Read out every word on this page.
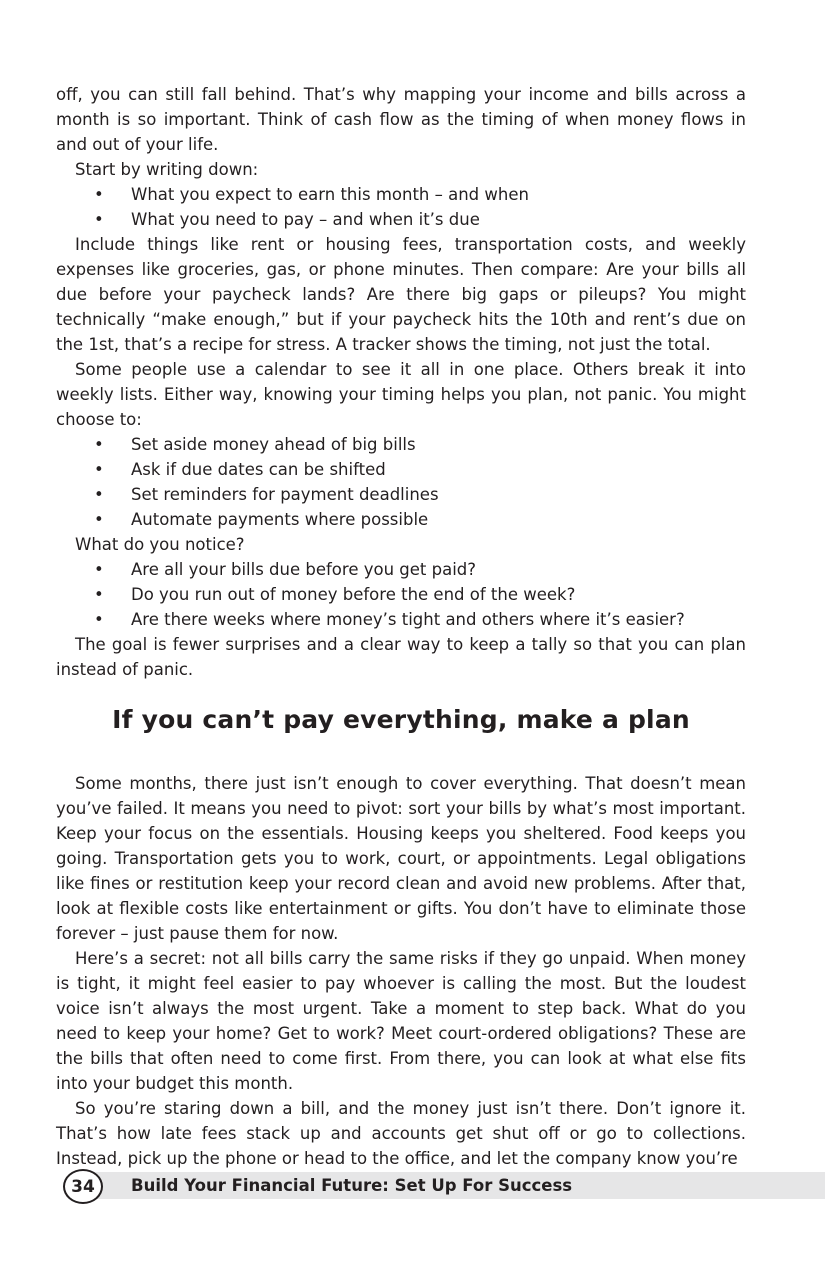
off, you can still fall behind. That’s why mapping your income and bills across a month is so important. Think of cash flow as the timing of when money flows in and out of your life.

Start by writing down:

• What you expect to earn this month – and when
• What you need to pay – and when it’s due

Include things like rent or housing fees, transportation costs, and weekly expenses like groceries, gas, or phone minutes. Then compare: Are your bills all due before your paycheck lands? Are there big gaps or pileups? You might technically “make enough,” but if your paycheck hits the 10th and rent’s due on the 1st, that’s a recipe for stress. A tracker shows the timing, not just the total.

Some people use a calendar to see it all in one place. Others break it into weekly lists. Either way, knowing your timing helps you plan, not panic. You might choose to:

• Set aside money ahead of big bills
• Ask if due dates can be shifted
• Set reminders for payment deadlines
• Automate payments where possible

What do you notice?

• Are all your bills due before you get paid?
• Do you run out of money before the end of the week?
• Are there weeks where money’s tight and others where it’s easier?

The goal is fewer surprises and a clear way to keep a tally so that you can plan instead of panic.

If you can’t pay everything, make a plan

Some months, there just isn’t enough to cover everything. That doesn’t mean you’ve failed. It means you need to pivot: sort your bills by what’s most important. Keep your focus on the essentials. Housing keeps you sheltered. Food keeps you going. Transportation gets you to work, court, or appointments. Legal obligations like fines or restitution keep your record clean and avoid new problems. After that, look at flexible costs like entertainment or gifts. You don’t have to eliminate those forever – just pause them for now.

Here’s a secret: not all bills carry the same risks if they go unpaid. When money is tight, it might feel easier to pay whoever is calling the most. But the loudest voice isn’t always the most urgent. Take a moment to step back. What do you need to keep your home? Get to work? Meet court-ordered obligations? These are the bills that often need to come first. From there, you can look at what else fits into your budget this month.

So you’re staring down a bill, and the money just isn’t there. Don’t ignore it. That’s how late fees stack up and accounts get shut off or go to collections. Instead, pick up the phone or head to the office, and let the company know you’re

34 Build Your Financial Future: Set Up For Success
